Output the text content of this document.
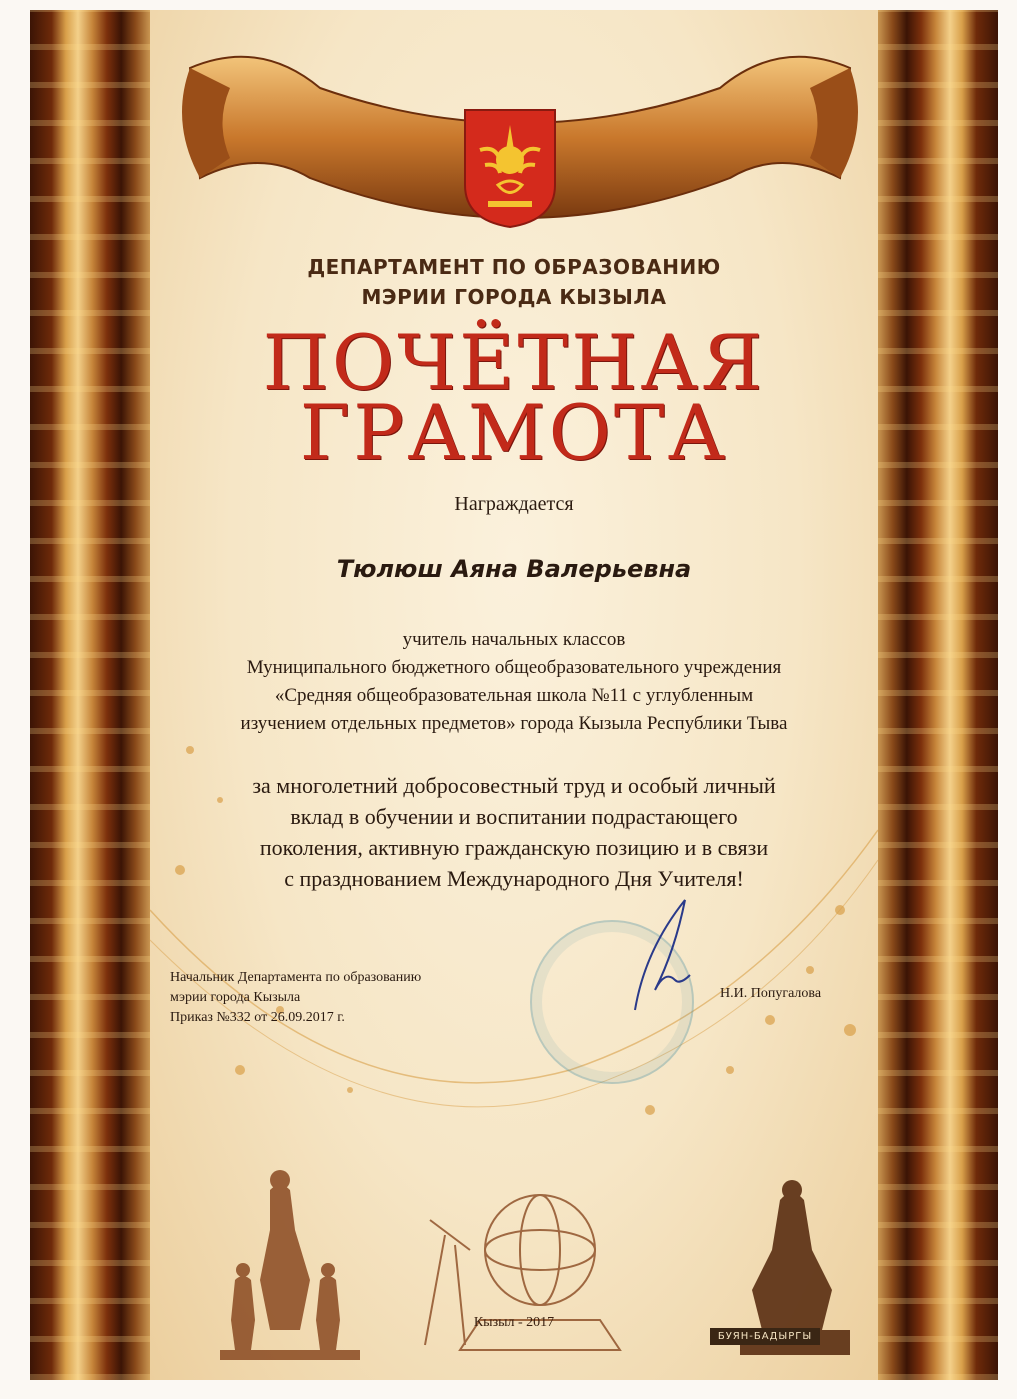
ДЕПАРТАМЕНТ ПО ОБРАЗОВАНИЮ
МЭРИИ ГОРОДА КЫЗЫЛА
ПОЧЁТНАЯ
ГРАМОТА
Награждается
Тюлюш Аяна Валерьевна
учитель начальных классов
Муниципального бюджетного общеобразовательного учреждения
«Средняя общеобразовательная школа №11 с углубленным
изучением отдельных предметов» города Кызыла Республики Тыва
за многолетний добросовестный труд и особый личный
вклад в обучении и воспитании подрастающего
поколения, активную гражданскую позицию и в связи
с празднованием Международного Дня Учителя!
Начальник Департамента по образованию
мэрии города Кызыла
Приказ №332 от 26.09.2017 г.
Н.И. Попугалова
БУЯН-БАДЫРГЫ
Кызыл - 2017
